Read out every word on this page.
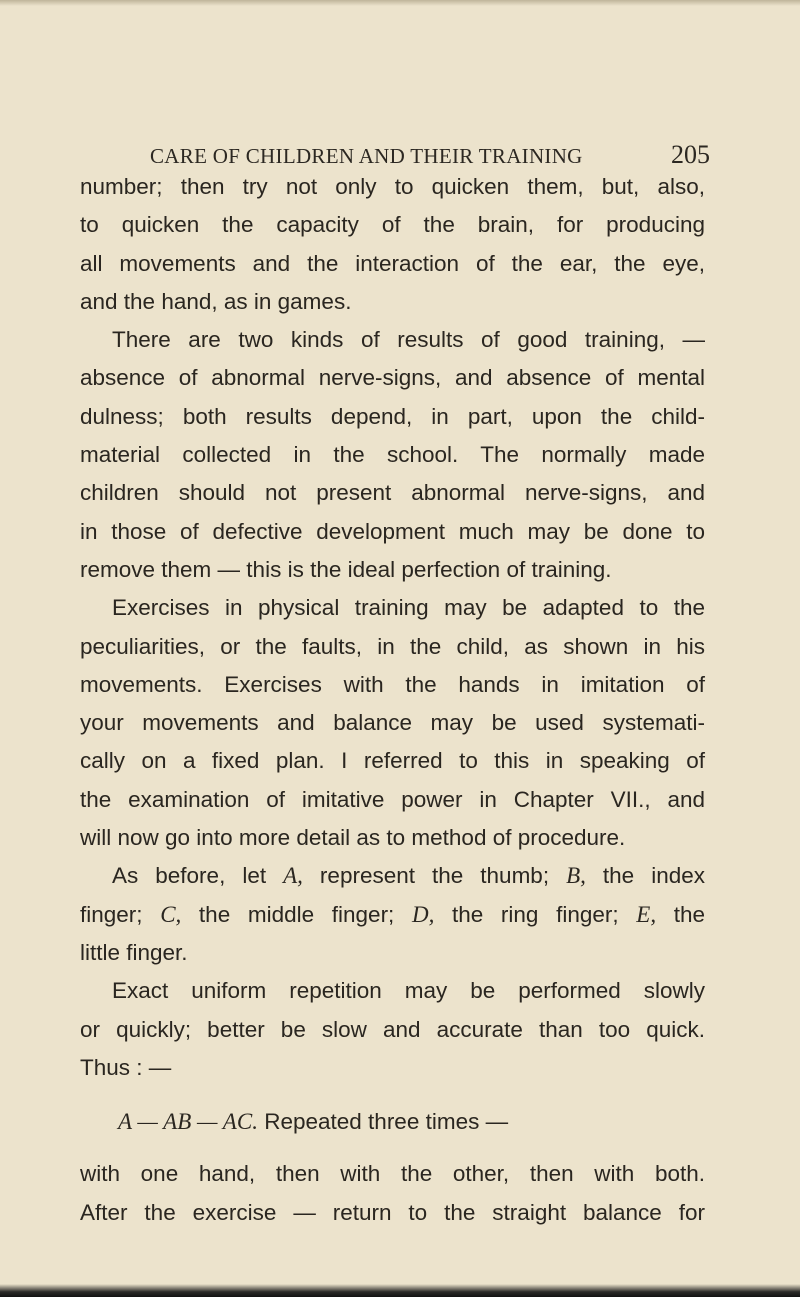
CARE OF CHILDREN AND THEIR TRAINING	205
number; then try not only to quicken them, but, also,
to quicken the capacity of the brain, for producing
all movements and the interaction of the ear, the eye,
and the hand, as in games.
There are two kinds of results of good training, —
absence of abnormal nerve-signs, and absence of mental
dulness; both results depend, in part, upon the child-
material collected in the school. The normally made
children should not present abnormal nerve-signs, and
in those of defective development much may be done to
remove them — this is the ideal perfection of training.
Exercises in physical training may be adapted to the
peculiarities, or the faults, in the child, as shown in his
movements. Exercises with the hands in imitation of
your movements and balance may be used systemati-
cally on a fixed plan. I referred to this in speaking of
the examination of imitative power in Chapter VII., and
will now go into more detail as to method of procedure.
As before, let A, represent the thumb; B, the index
finger; C, the middle finger; D, the ring finger; E, the
little finger.
Exact uniform repetition may be performed slowly
or quickly; better be slow and accurate than too quick.
Thus : —
A — AB — AC. Repeated three times —
with one hand, then with the other, then with both.
After the exercise — return to the straight balance for
